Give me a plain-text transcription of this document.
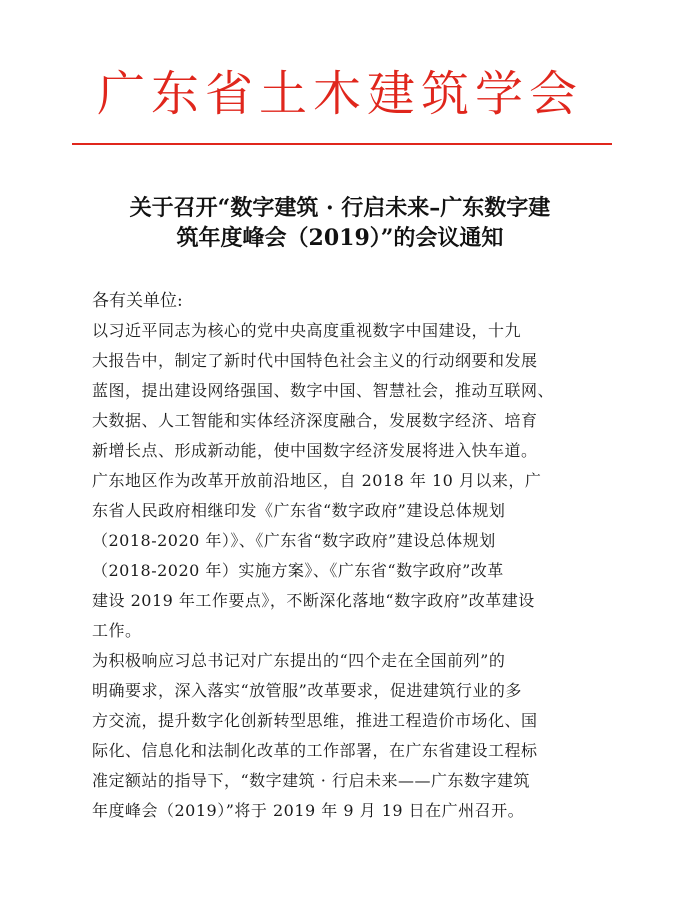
广东省土木建筑学会
关于召开“数字建筑 · 行启未来–广东数字建
筑年度峰会（2019）”的会议通知
各有关单位:
以习近平同志为核心的党中央高度重视数字中国建设，十九
大报告中，制定了新时代中国特色社会主义的行动纲要和发展
蓝图，提出建设网络强国、数字中国、智慧社会，推动互联网、
大数据、人工智能和实体经济深度融合，发展数字经济、培育
新增长点、形成新动能，使中国数字经济发展将进入快车道。
广东地区作为改革开放前沿地区，自 2018 年 10 月以来，广
东省人民政府相继印发《广东省“数字政府”建设总体规划
（2018-2020 年）》、《广东省“数字政府”建设总体规划
（2018-2020 年）实施方案》、《广东省“数字政府”改革
建设 2019 年工作要点》，不断深化落地“数字政府”改革建设
工作。
为积极响应习总书记对广东提出的“四个走在全国前列”的
明确要求，深入落实“放管服”改革要求，促进建筑行业的多
方交流，提升数字化创新转型思维，推进工程造价市场化、国
际化、信息化和法制化改革的工作部署，在广东省建设工程标
准定额站的指导下，“数字建筑 · 行启未来——广东数字建筑
年度峰会（2019）”将于 2019 年 9 月 19 日在广州召开。
